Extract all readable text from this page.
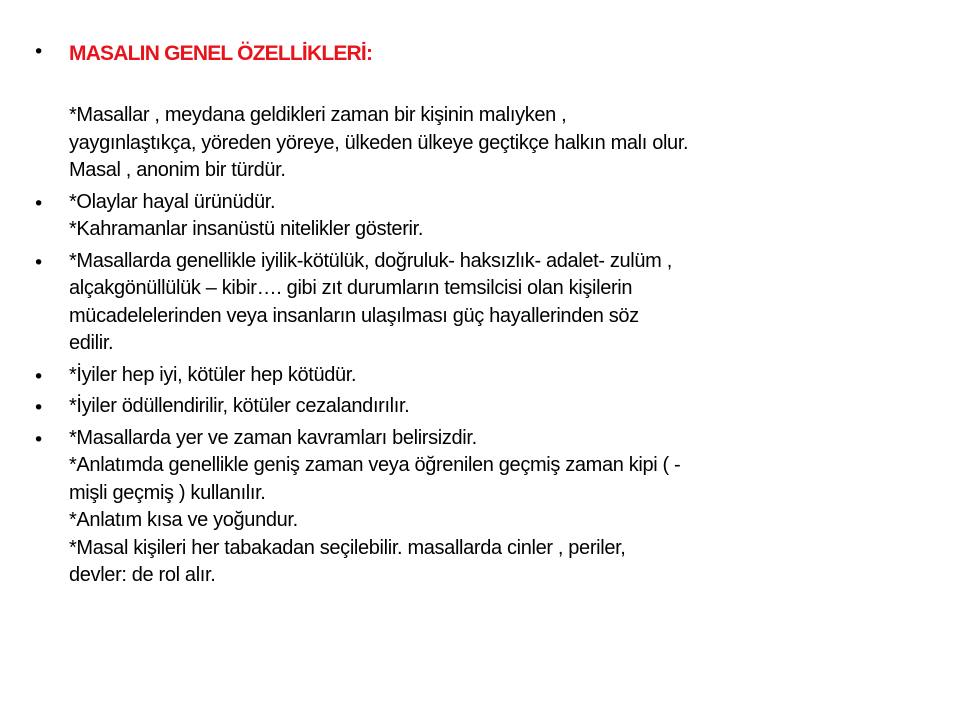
•	MASALIN GENEL ÖZELLİKLERİ:
*Masallar , meydana geldikleri zaman bir kişinin malıyken ,
yaygınlaştıkça, yöreden yöreye, ülkeden ülkeye geçtikçe halkın malı olur.
Masal , anonim bir türdür.
•	*Olaylar hayal ürünüdür.
*Kahramanlar insanüstü nitelikler gösterir.
•	*Masallarda genellikle iyilik-kötülük, doğruluk- haksızlık- adalet- zulüm ,
alçakgönüllülük – kibir…. gibi zıt durumların temsilcisi olan kişilerin
mücadelelerinden veya insanların ulaşılması güç hayallerinden söz
edilir.
•	*İyiler hep iyi, kötüler hep kötüdür.
•	*İyiler ödüllendirilir, kötüler cezalandırılır.
•	*Masallarda yer ve zaman kavramları belirsizdir.
*Anlatımda genellikle geniş zaman veya öğrenilen geçmiş zaman kipi ( -
mişli geçmiş ) kullanılır.
*Anlatım kısa ve yoğundur.
*Masal kişileri her tabakadan seçilebilir. masallarda cinler , periler,
devler: de rol alır.
